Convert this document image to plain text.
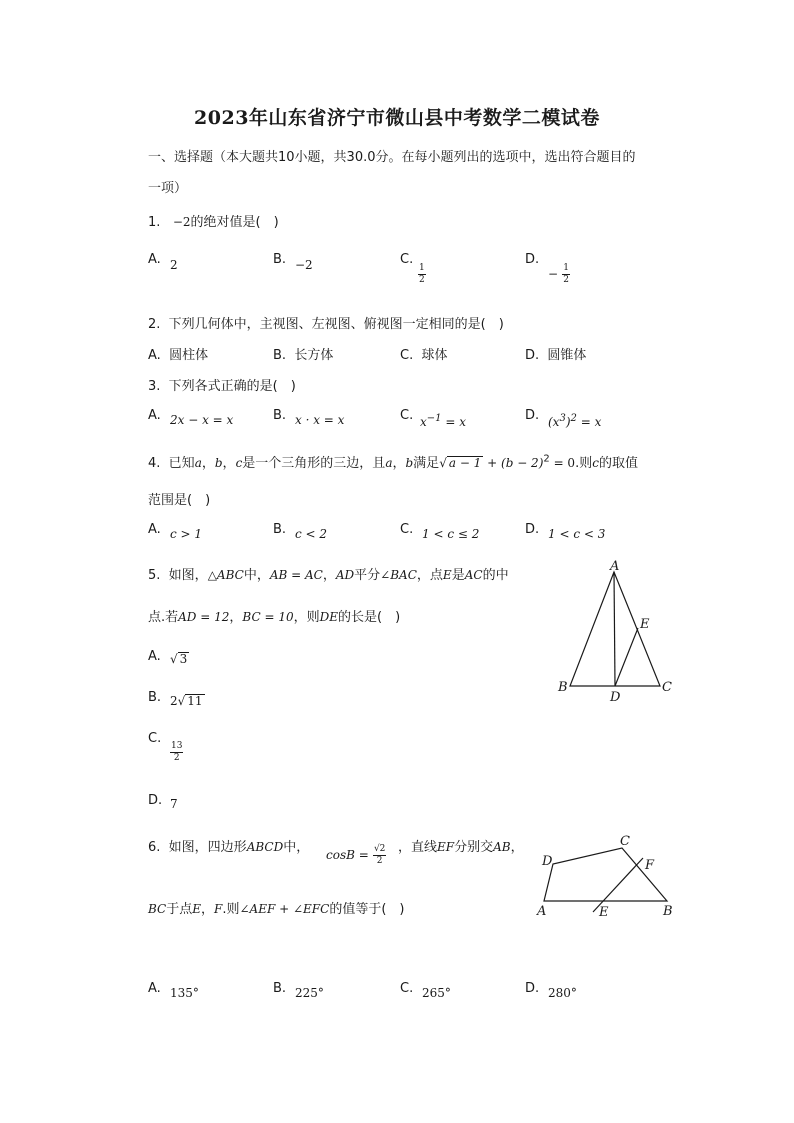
2023年山东省济宁市微山县中考数学二模试卷
一、选择题（本大题共10小题，共30.0分。在每小题列出的选项中，选出符合题目的
一项）
1. −2的绝对值是(　)
A. 2	B. −2	C.
$\frac{1}{2}$
D.
− $\frac{1}{2}$
2. 下列几何体中，主视图、左视图、俯视图一定相同的是(　)
A. 圆柱体	B. 长方体	C. 球体	D. 圆锥体
3. 下列各式正确的是(　)
A. 2x − x = x	B. x · x = x	C. $x^{-1} = x$	D. $(x^3)^2 = x$
4. 已知a，b，c是一个三角形的三边，且a，b满足√ $a - 1 + (b - 2)^2 = 0$.则c的取值
范围是(　)
A. c > 1	B. c < 2	C. 1 < c ≤ 2	D. 1 < c < 3
5. 如图，△ABC中，AB = AC，AD平分∠BAC，点E是AC的中
点.若AD = 12，BC = 10，则DE的长是(　)
A. √ 3
B. 2√ 11
C.
$\frac{13}{2}$
D. 7
A
B	C
D
E
6. 如图，四边形ABCD中， $\cos B = \frac{√2}{2}$ ，直线EF分别交AB，
BC于点E，F.则∠AEF + ∠EFC的值等于(　)	A	B
C
D
E
F
A. 135°	B. 225°	C. 265°	D. 280°
